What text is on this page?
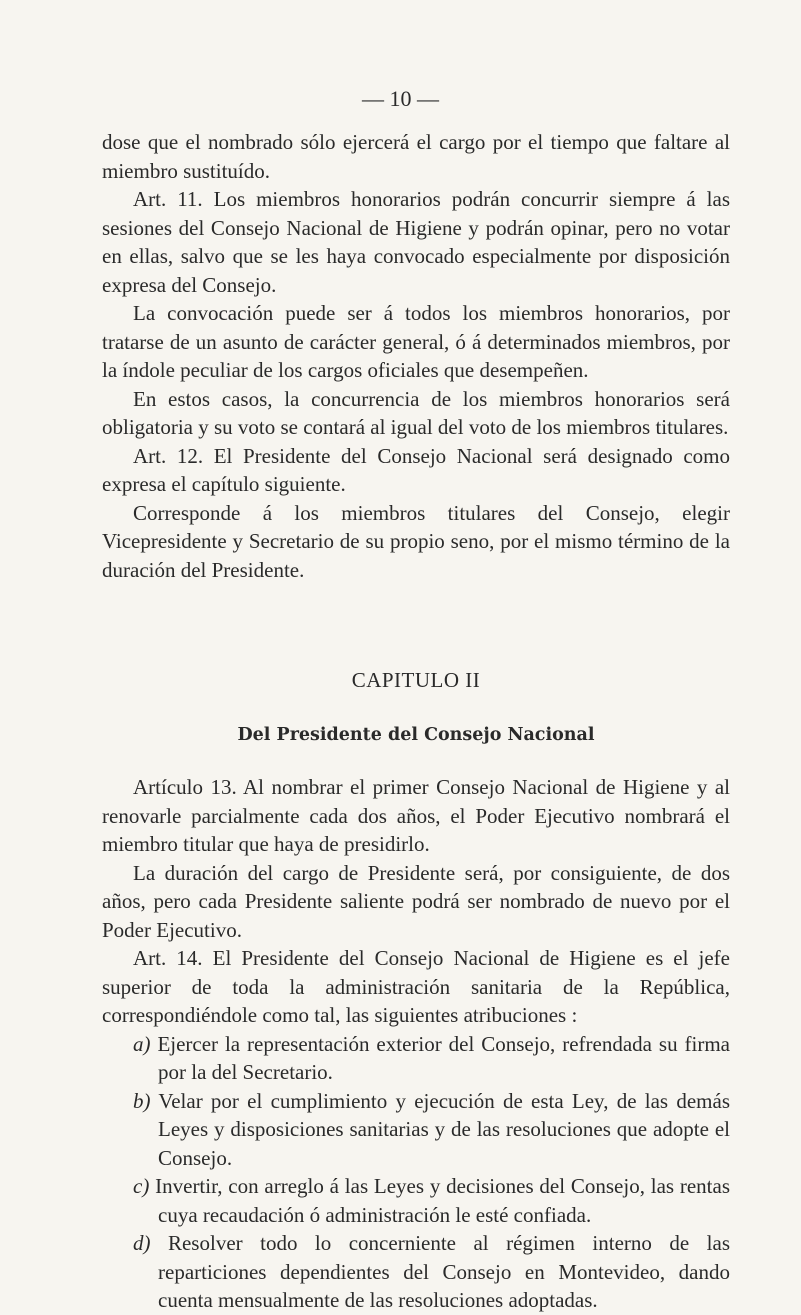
— 10 —

dose que el nombrado sólo ejercerá el cargo por el tiempo que faltare al miembro sustituído.

Art. 11. Los miembros honorarios podrán concurrir siempre á las sesiones del Consejo Nacional de Higiene y podrán opinar, pero no votar en ellas, salvo que se les haya convocado especialmente por disposición expresa del Consejo.

La convocación puede ser á todos los miembros honorarios, por tratarse de un asunto de carácter general, ó á determinados miembros, por la índole peculiar de los cargos oficiales que desempeñen.

En estos casos, la concurrencia de los miembros honorarios será obligatoria y su voto se contará al igual del voto de los miembros titulares.

Art. 12. El Presidente del Consejo Nacional será designado como expresa el capítulo siguiente.

Corresponde á los miembros titulares del Consejo, elegir Vicepresidente y Secretario de su propio seno, por el mismo término de la duración del Presidente.

CAPITULO II
Del Presidente del Consejo Nacional

Artículo 13. Al nombrar el primer Consejo Nacional de Higiene y al renovarle parcialmente cada dos años, el Poder Ejecutivo nombrará el miembro titular que haya de presidirlo.

La duración del cargo de Presidente será, por consiguiente, de dos años, pero cada Presidente saliente podrá ser nombrado de nuevo por el Poder Ejecutivo.

Art. 14. El Presidente del Consejo Nacional de Higiene es el jefe superior de toda la administración sanitaria de la República, correspondiéndole como tal, las siguientes atribuciones :

a) Ejercer la representación exterior del Consejo, refrendada su firma por la del Secretario.

b) Velar por el cumplimiento y ejecución de esta Ley, de las demás Leyes y disposiciones sanitarias y de las resoluciones que adopte el Consejo.

c) Invertir, con arreglo á las Leyes y decisiones del Consejo, las rentas cuya recaudación ó administración le esté confiada.

d) Resolver todo lo concerniente al régimen interno de las reparticiones dependientes del Consejo en Montevideo, dando cuenta mensualmente de las resoluciones adoptadas.
